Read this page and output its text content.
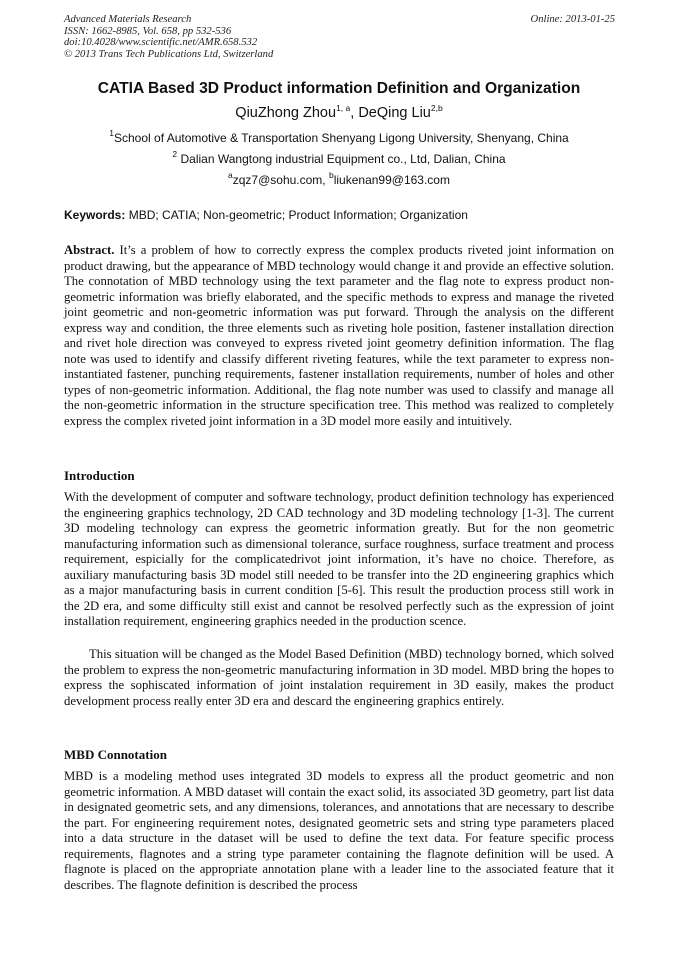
Advanced Materials Research
ISSN: 1662-8985, Vol. 658, pp 532-536
doi:10.4028/www.scientific.net/AMR.658.532
© 2013 Trans Tech Publications Ltd, Switzerland
Online: 2013-01-25
CATIA Based 3D Product information Definition and Organization
QiuZhong Zhou$^{1, a}$, DeQing Liu$^{2,b}$
$^1$School of Automotive & Transportation Shenyang Ligong University, Shenyang, China
$^2$ Dalian Wangtong industrial Equipment co., Ltd, Dalian, China
$^a$zqz7@sohu.com, $^b$liukenan99@163.com
Keywords: MBD; CATIA; Non-geometric; Product Information; Organization
Abstract. It’s a problem of how to correctly express the complex products riveted joint information on product drawing, but the appearance of MBD technology would change it and provide an effective solution. The connotation of MBD technology using the text parameter and the flag note to express product non-geometric information was briefly elaborated, and the specific methods to express and manage the riveted joint geometric and non-geometric information was put forward. Through the analysis on the different express way and condition, the three elements such as riveting hole position, fastener installation direction and rivet hole direction was conveyed to express riveted joint geometry definition information. The flag note was used to identify and classify different riveting features, while the text parameter to express non-instantiated fastener, punching requirements, fastener installation requirements, number of holes and other types of non-geometric information. Additional, the flag note number was used to classify and manage all the non-geometric information in the structure specification tree. This method was realized to completely express the complex riveted joint information in a 3D model more easily and intuitively.
Introduction
With the development of computer and software technology, product definition technology has experienced the engineering graphics technology, 2D CAD technology and 3D modeling technology [1-3]. The current 3D modeling technology can express the geometric information greatly. But for the non geometric manufacturing information such as dimensional tolerance, surface roughness, surface treatment and process requirement, espicially for the complicatedrivot joint information, it’s have no choice. Therefore, as auxiliary manufacturing basis 3D model still needed to be transfer into the 2D engineering graphics which as a major manufacturing basis in current condition [5-6]. This result the production process still work in the 2D era, and some difficulty still exist and cannot be resolved perfectly such as the expression of joint installation requirement, engineering graphics needed in the production scence.
This situation will be changed as the Model Based Definition (MBD) technology borned, which solved the problem to express the non-geometric manufacturing information in 3D model. MBD bring the hopes to express the sophiscated information of joint instalation requirement in 3D easily, makes the product development process really enter 3D era and descard the engineering graphics entirely.
MBD Connotation
MBD is a modeling method uses integrated 3D models to express all the product geometric and non geometric information. A MBD dataset will contain the exact solid, its associated 3D geometry, part list data in designated geometric sets, and any dimensions, tolerances, and annotations that are necessary to describe the part. For engineering requirement notes, designated geometric sets and string type parameters placed into a data structure in the dataset will be used to define the text data. For feature specific process requirements, flagnotes and a string type parameter containing the flagnote definition will be used. A flagnote is placed on the appropriate annotation plane with a leader line to the associated feature that it describes. The flagnote definition is described the process
